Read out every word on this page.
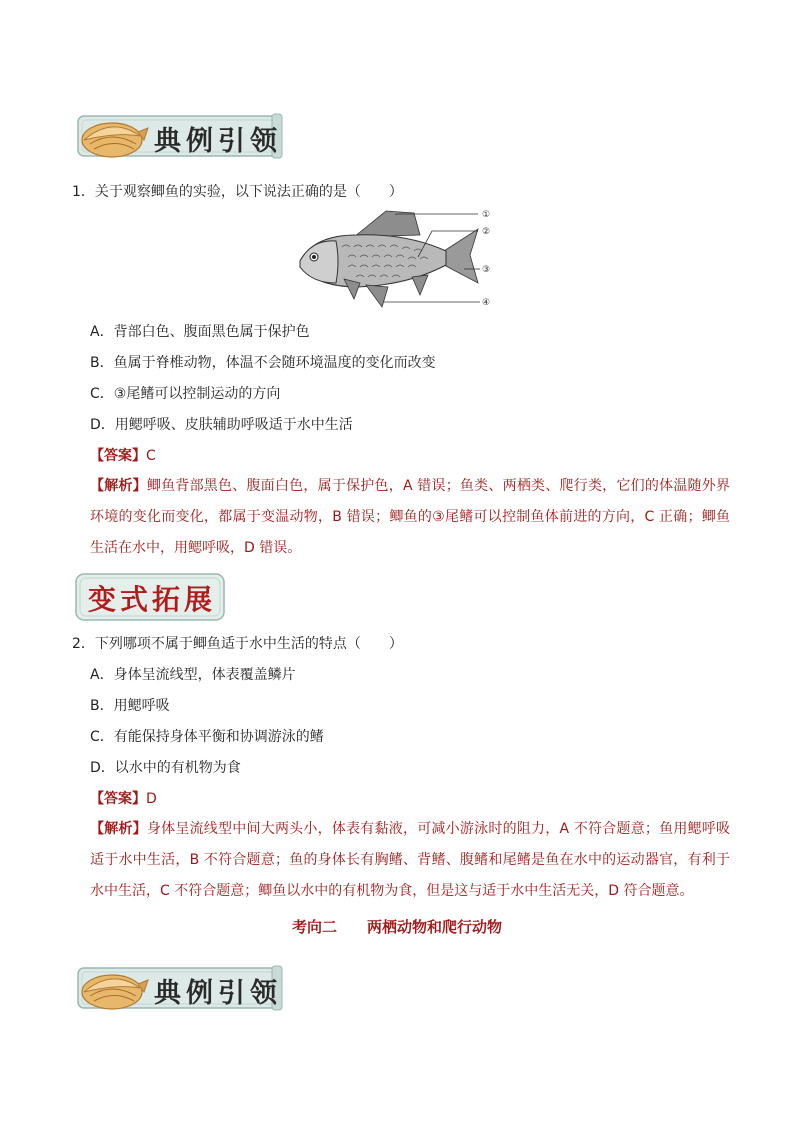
典例引领
1．关于观察鲫鱼的实验，以下说法正确的是（　　）
①
②
③
④
A．背部白色、腹面黑色属于保护色
B．鱼属于脊椎动物，体温不会随环境温度的变化而改变
C．③尾鳍可以控制运动的方向
D．用鳃呼吸、皮肤辅助呼吸适于水中生活
【答案】C
【解析】鲫鱼背部黑色、腹面白色，属于保护色，A 错误；鱼类、两栖类、爬行类，它们的体温随外界环境的变化而变化，都属于变温动物，B 错误；鲫鱼的③尾鳍可以控制鱼体前进的方向，C 正确；鲫鱼生活在水中，用鳃呼吸，D 错误。
变式拓展
2．下列哪项不属于鲫鱼适于水中生活的特点（　　）
A．身体呈流线型，体表覆盖鳞片
B．用鳃呼吸
C．有能保持身体平衡和协调游泳的鳍
D．以水中的有机物为食
【答案】D
【解析】身体呈流线型中间大两头小，体表有黏液，可减小游泳时的阻力，A 不符合题意；鱼用鳃呼吸适于水中生活，B 不符合题意；鱼的身体长有胸鳍、背鳍、腹鳍和尾鳍是鱼在水中的运动器官，有利于水中生活，C 不符合题意；鲫鱼以水中的有机物为食，但是这与适于水中生活无关，D 符合题意。
考向二　　两栖动物和爬行动物
典例引领
